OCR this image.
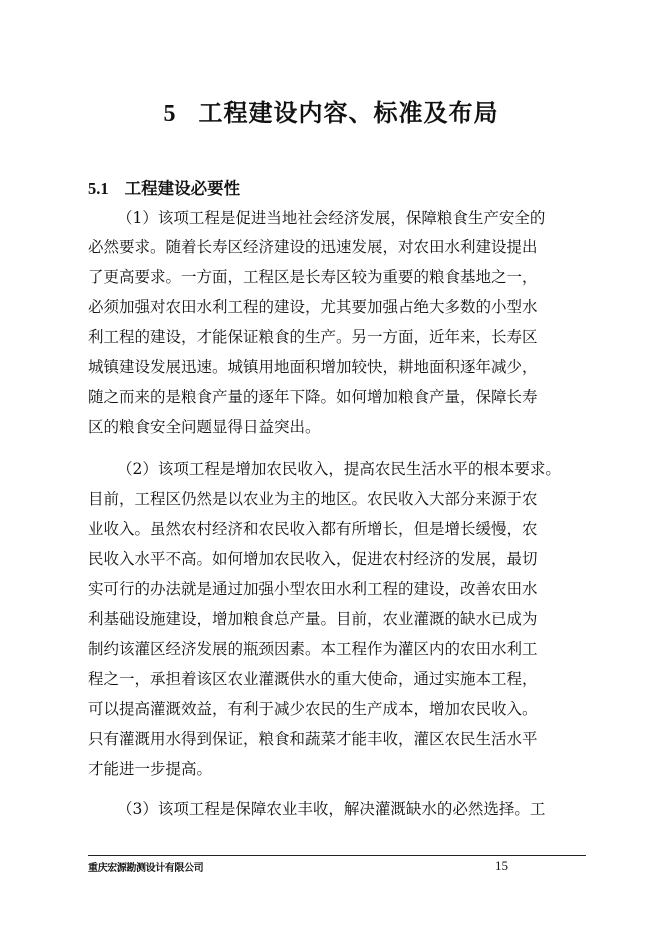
5 工程建设内容、标准及布局
5.1 工程建设必要性
（1）该项工程是促进当地社会经济发展，保障粮食生产安全的
必然要求。随着长寿区经济建设的迅速发展，对农田水利建设提出
了更高要求。一方面，工程区是长寿区较为重要的粮食基地之一，
必须加强对农田水利工程的建设，尤其要加强占绝大多数的小型水
利工程的建设，才能保证粮食的生产。另一方面，近年来，长寿区
城镇建设发展迅速。城镇用地面积增加较快，耕地面积逐年减少，
随之而来的是粮食产量的逐年下降。如何增加粮食产量，保障长寿
区的粮食安全问题显得日益突出。
（2）该项工程是增加农民收入，提高农民生活水平的根本要求。
目前，工程区仍然是以农业为主的地区。农民收入大部分来源于农
业收入。虽然农村经济和农民收入都有所增长，但是增长缓慢，农
民收入水平不高。如何增加农民收入，促进农村经济的发展，最切
实可行的办法就是通过加强小型农田水利工程的建设，改善农田水
利基础设施建设，增加粮食总产量。目前，农业灌溉的缺水已成为
制约该灌区经济发展的瓶颈因素。本工程作为灌区内的农田水利工
程之一，承担着该区农业灌溉供水的重大使命，通过实施本工程，
可以提高灌溉效益，有利于减少农民的生产成本，增加农民收入。
只有灌溉用水得到保证，粮食和蔬菜才能丰收，灌区农民生活水平
才能进一步提高。
（3）该项工程是保障农业丰收，解决灌溉缺水的必然选择。工
重庆宏源勘测设计有限公司	15
